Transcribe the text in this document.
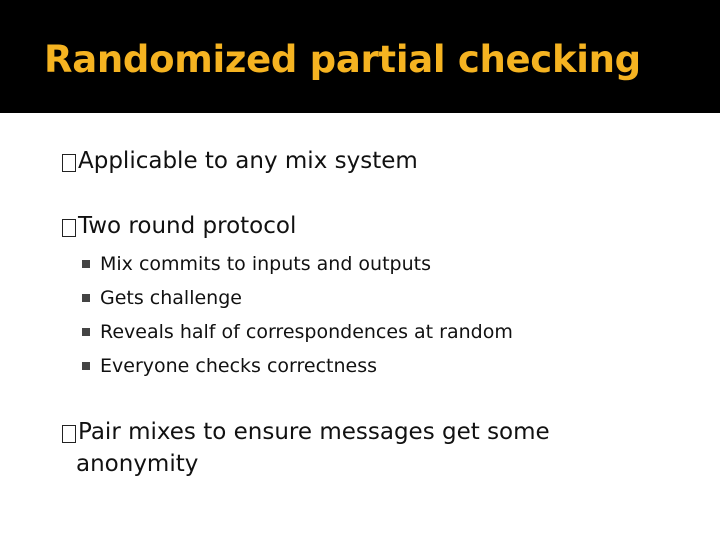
Randomized partial checking
Applicable to any mix system
Two round protocol
Mix commits to inputs and outputs
Gets challenge
Reveals half of correspondences at random
Everyone checks correctness
Pair mixes to ensure messages get some
anonymity
